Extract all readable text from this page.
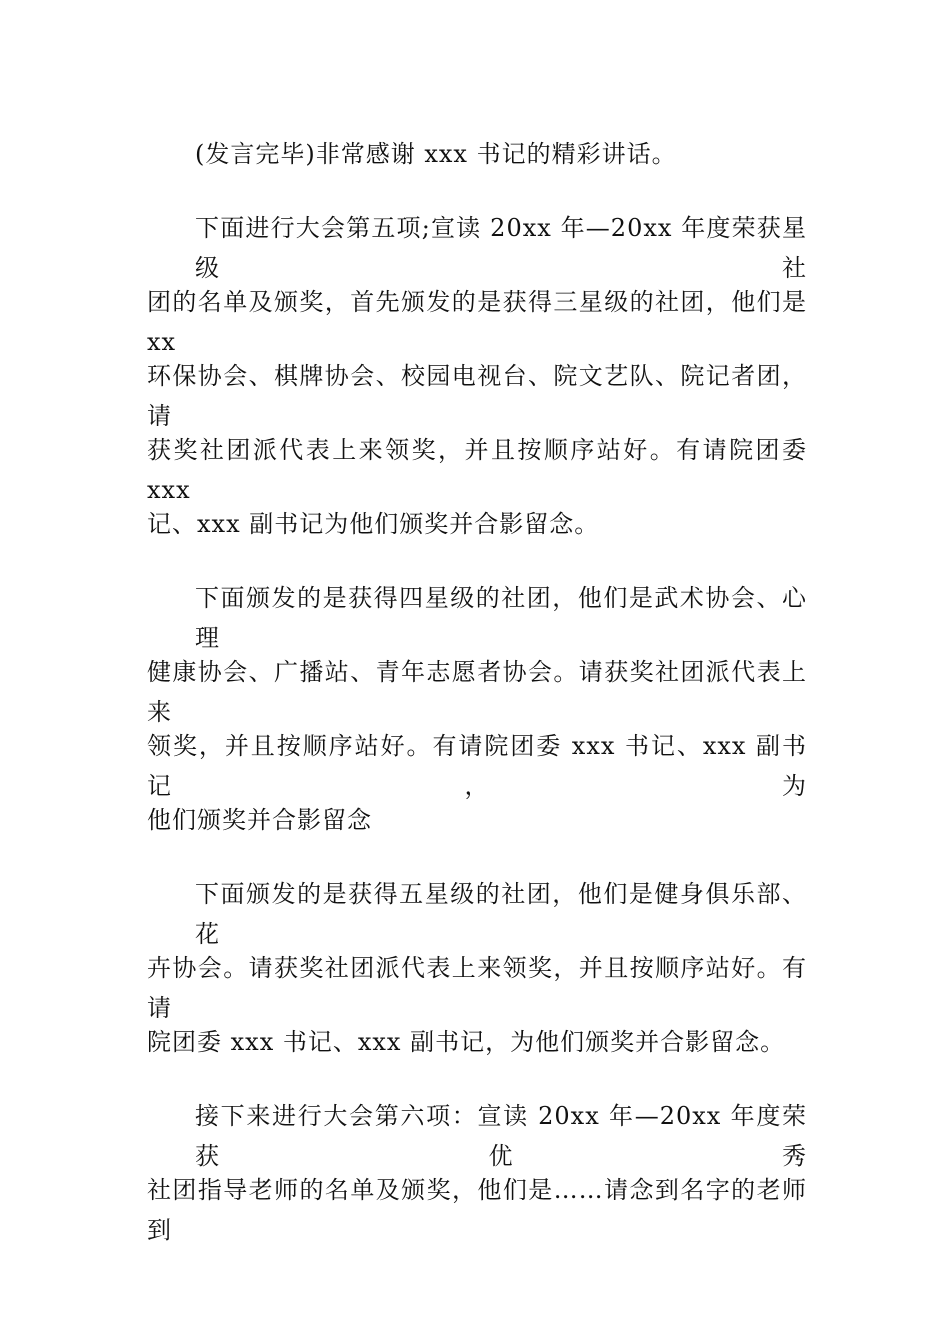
(发言完毕)非常感谢 xxx 书记的精彩讲话。
下面进行大会第五项;宣读 20xx 年—20xx 年度荣获星级社
团的名单及颁奖，首先颁发的是获得三星级的社团，他们是 xx
环保协会、棋牌协会、校园电视台、院文艺队、院记者团，请
获奖社团派代表上来领奖，并且按顺序站好。有请院团委 xxx
记、xxx 副书记为他们颁奖并合影留念。
下面颁发的是获得四星级的社团，他们是武术协会、心理
健康协会、广播站、青年志愿者协会。请获奖社团派代表上来
领奖，并且按顺序站好。有请院团委 xxx 书记、xxx 副书记，为
他们颁奖并合影留念
下面颁发的是获得五星级的社团，他们是健身俱乐部、花
卉协会。请获奖社团派代表上来领奖，并且按顺序站好。有请
院团委 xxx 书记、xxx 副书记，为他们颁奖并合影留念。
接下来进行大会第六项：宣读 20xx 年—20xx 年度荣获优秀
社团指导老师的名单及颁奖，他们是……请念到名字的老师到
